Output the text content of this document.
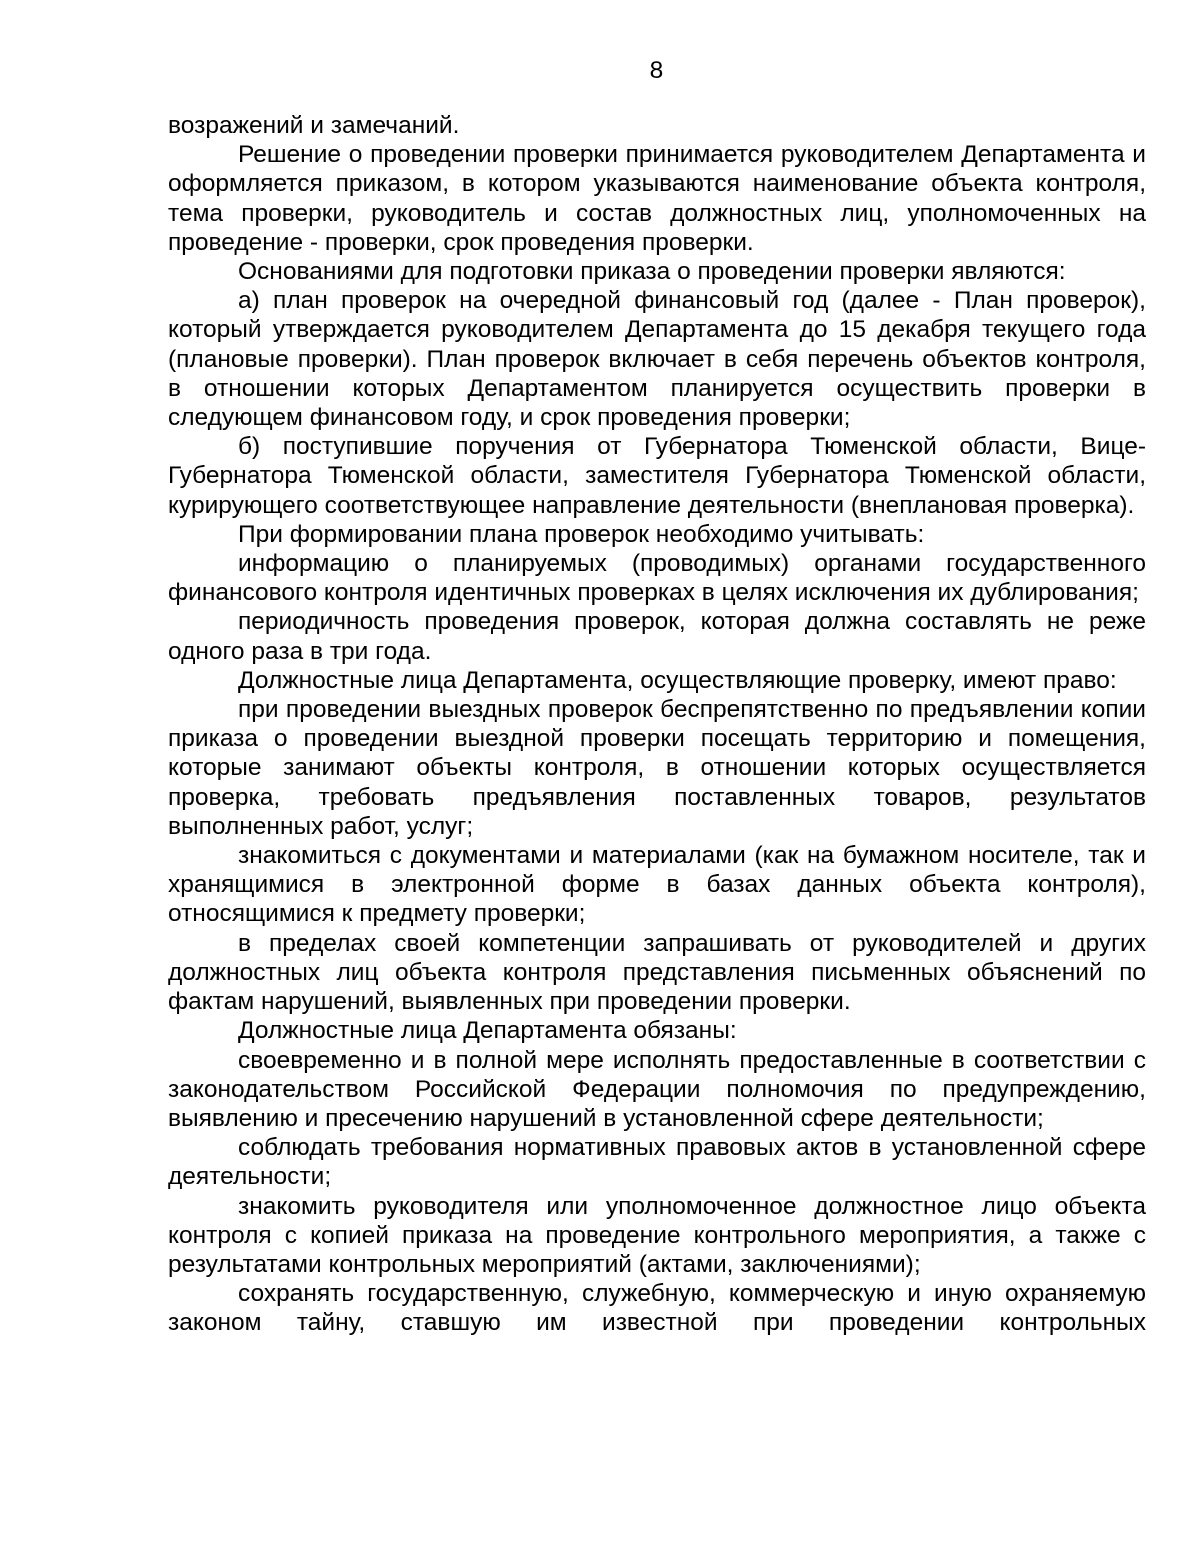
8

возражений и замечаний.

Решение о проведении проверки принимается руководителем Департамента и оформляется приказом, в котором указываются наименование объекта контроля, тема проверки, руководитель и состав должностных лиц, уполномоченных на проведение - проверки, срок проведения проверки.

Основаниями для подготовки приказа о проведении проверки являются:

а) план проверок на очередной финансовый год (далее - План проверок), который утверждается руководителем Департамента до 15 декабря текущего года (плановые проверки). План проверок включает в себя перечень объектов контроля, в отношении которых Департаментом планируется осуществить проверки в следующем финансовом году, и срок проведения проверки;

б) поступившие поручения от Губернатора Тюменской области, Вице-Губернатора Тюменской области, заместителя Губернатора Тюменской области, курирующего соответствующее направление деятельности (внеплановая проверка).

При формировании плана проверок необходимо учитывать:

информацию о планируемых (проводимых) органами государственного финансового контроля идентичных проверках в целях исключения их дублирования;

периодичность проведения проверок, которая должна составлять не реже одного раза в три года.

Должностные лица Департамента, осуществляющие проверку, имеют право:

при проведении выездных проверок беспрепятственно по предъявлении копии приказа о проведении выездной проверки посещать территорию и помещения, которые занимают объекты контроля, в отношении которых осуществляется проверка, требовать предъявления поставленных товаров, результатов выполненных работ, услуг;

знакомиться с документами и материалами (как на бумажном носителе, так и хранящимися в электронной форме в базах данных объекта контроля), относящимися к предмету проверки;

в пределах своей компетенции запрашивать от руководителей и других должностных лиц объекта контроля представления письменных объяснений по фактам нарушений, выявленных при проведении проверки.

Должностные лица Департамента обязаны:

своевременно и в полной мере исполнять предоставленные в соответствии с законодательством Российской Федерации полномочия по предупреждению, выявлению и пресечению нарушений в установленной сфере деятельности;

соблюдать требования нормативных правовых актов в установленной сфере деятельности;

знакомить руководителя или уполномоченное должностное лицо объекта контроля с копией приказа на проведение контрольного мероприятия, а также с результатами контрольных мероприятий (актами, заключениями);

сохранять государственную, служебную, коммерческую и иную охраняемую законом тайну, ставшую им известной при проведении контрольных
